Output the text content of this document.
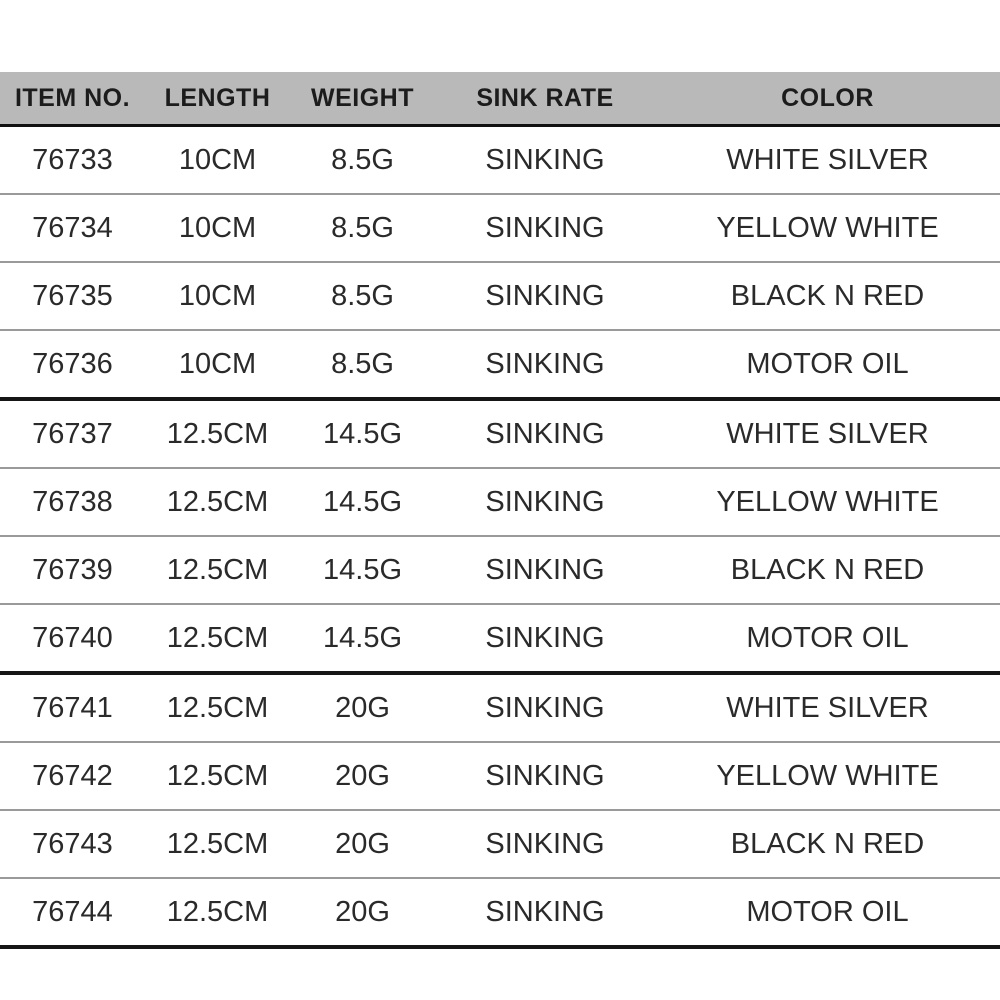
ITEM NO.	LENGTH	WEIGHT	SINK RATE	COLOR
76733	10CM	8.5G	SINKING	WHITE SILVER
76734	10CM	8.5G	SINKING	YELLOW WHITE
76735	10CM	8.5G	SINKING	BLACK N RED
76736	10CM	8.5G	SINKING	MOTOR OIL
76737	12.5CM	14.5G	SINKING	WHITE SILVER
76738	12.5CM	14.5G	SINKING	YELLOW WHITE
76739	12.5CM	14.5G	SINKING	BLACK N RED
76740	12.5CM	14.5G	SINKING	MOTOR OIL
76741	12.5CM	20G	SINKING	WHITE SILVER
76742	12.5CM	20G	SINKING	YELLOW WHITE
76743	12.5CM	20G	SINKING	BLACK N RED
76744	12.5CM	20G	SINKING	MOTOR OIL
